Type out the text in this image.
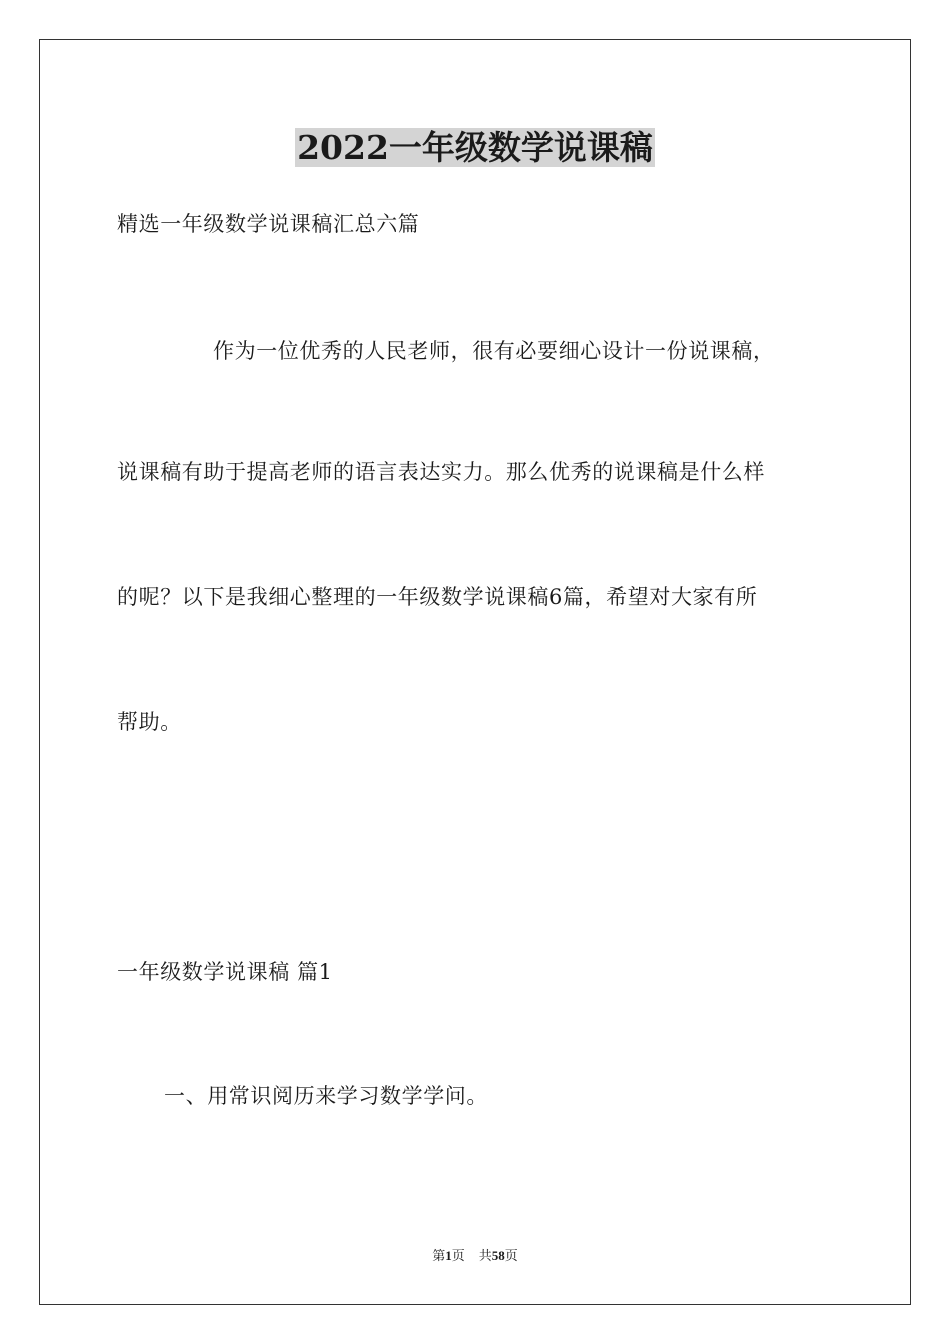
2022一年级数学说课稿
精选一年级数学说课稿汇总六篇
作为一位优秀的人民老师，很有必要细心设计一份说课稿，
说课稿有助于提高老师的语言表达实力。那么优秀的说课稿是什么样
的呢？以下是我细心整理的一年级数学说课稿6篇，希望对大家有所
帮助。
一年级数学说课稿 篇1
一、用常识阅历来学习数学学问。
第1页 共58页
